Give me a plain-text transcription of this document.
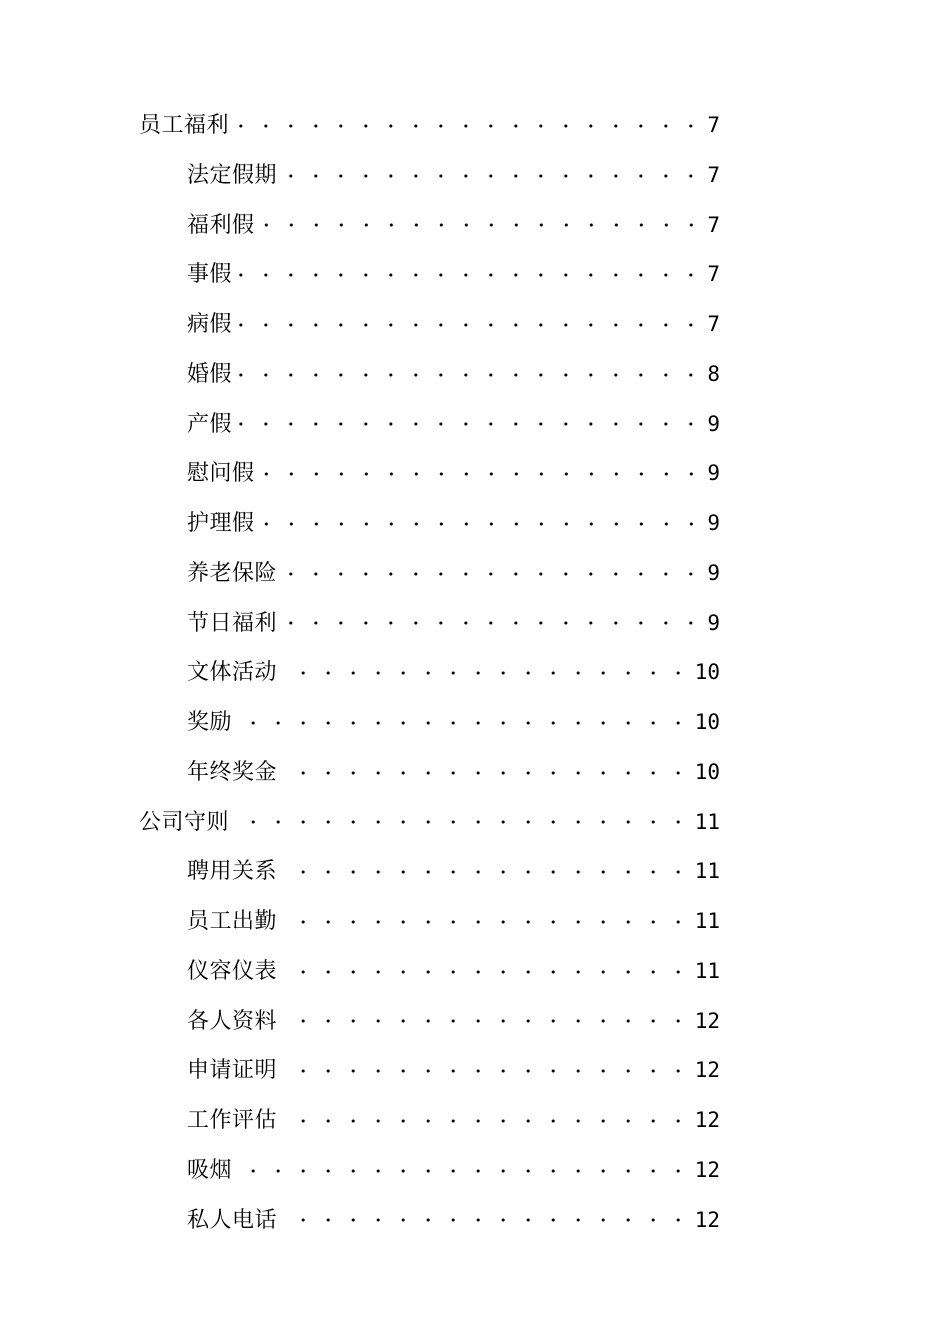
员工福利	7
法定假期	7
福利假	7
事假	7
病假	7
婚假	8
产假	9
慰问假	9
护理假	9
养老保险	9
节日福利	9
文体活动	10
奖励	10
年终奖金	10
公司守则	11
聘用关系	11
员工出勤	11
仪容仪表	11
各人资料	12
申请证明	12
工作评估	12
吸烟	12
私人电话	12
